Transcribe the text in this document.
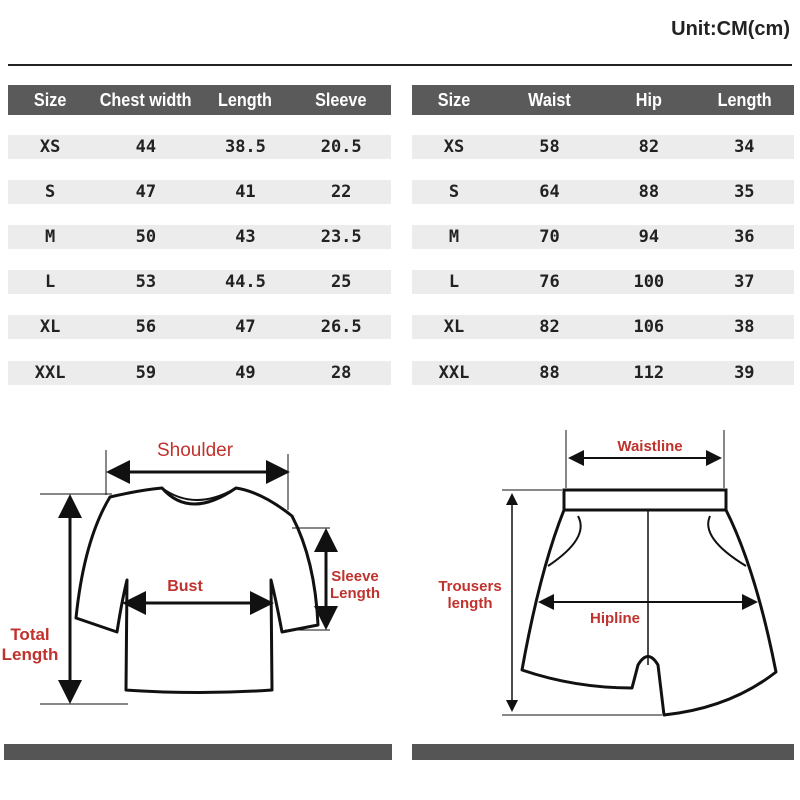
Unit:CM(cm)
Size	Chest width	Length	Sleeve
XS	44	38.5	20.5
S	47	41	22
M	50	43	23.5
L	53	44.5	25
XL	56	47	26.5
XXL	59	49	28
Size	Waist	Hip	Length
XS	58	82	34
S	64	88	35
M	70	94	36
L	76	100	37
XL	82	106	38
XXL	88	112	39
Shoulder
Bust
Sleeve Length
Total Length
Waistline
Hipline
Trousers length
